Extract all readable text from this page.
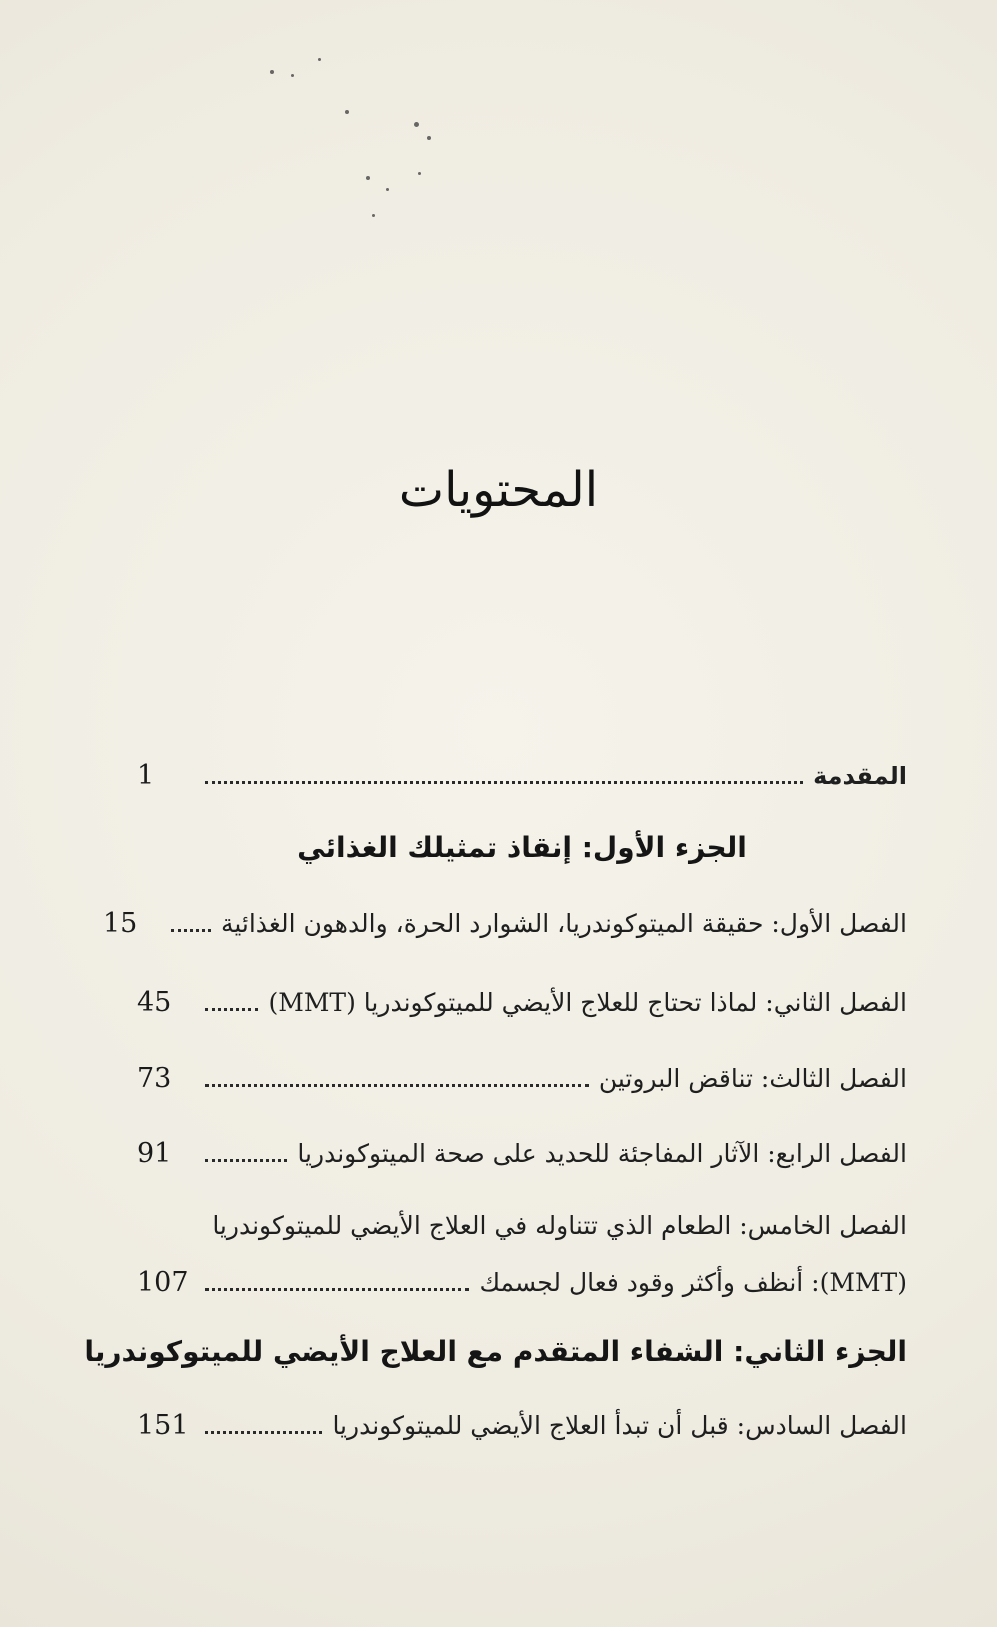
المحتويات
المقدمة
1
الجزء الأول: إنقاذ تمثيلك الغذائي
الفصل الأول: حقيقة الميتوكوندريا، الشوارد الحرة، والدهون الغذائية
15
الفصل الثاني: لماذا تحتاج للعلاج الأيضي للميتوكوندريا (MMT)
45
الفصل الثالث: تناقض البروتين
73
الفصل الرابع: الآثار المفاجئة للحديد على صحة الميتوكوندريا
91
الفصل الخامس: الطعام الذي تتناوله في العلاج الأيضي للميتوكوندريا
(MMT): أنظف وأكثر وقود فعال لجسمك
107
الجزء الثاني: الشفاء المتقدم مع العلاج الأيضي للميتوكوندريا
الفصل السادس: قبل أن تبدأ العلاج الأيضي للميتوكوندريا
151
